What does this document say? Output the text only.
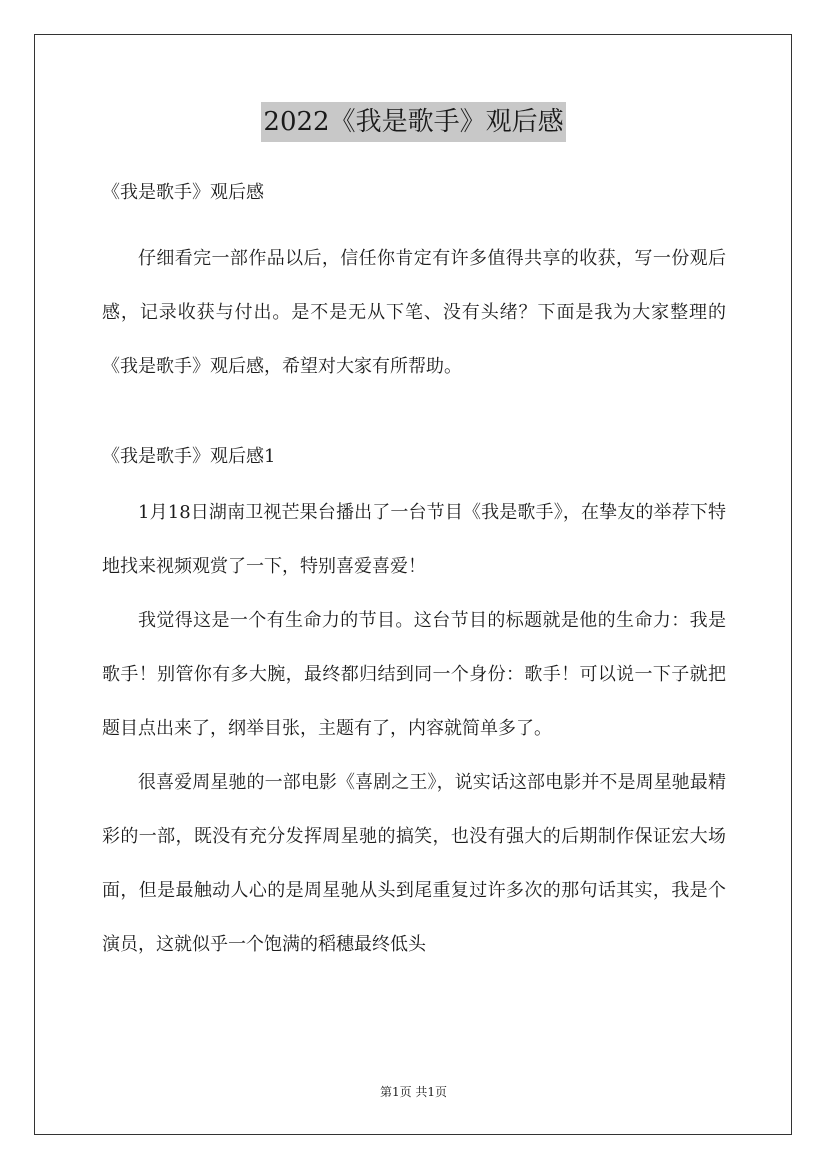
2022《我是歌手》观后感

《我是歌手》观后感

仔细看完一部作品以后，信任你肯定有许多值得共享的收获，写一份观后感，记录收获与付出。是不是无从下笔、没有头绪？下面是我为大家整理的《我是歌手》观后感，希望对大家有所帮助。

《我是歌手》观后感1

1月18日湖南卫视芒果台播出了一台节目《我是歌手》，在挚友的举荐下特地找来视频观赏了一下，特别喜爱喜爱！

我觉得这是一个有生命力的节目。这台节目的标题就是他的生命力：我是歌手！别管你有多大腕，最终都归结到同一个身份：歌手！可以说一下子就把题目点出来了，纲举目张，主题有了，内容就简单多了。

很喜爱周星驰的一部电影《喜剧之王》，说实话这部电影并不是周星驰最精彩的一部，既没有充分发挥周星驰的搞笑，也没有强大的后期制作保证宏大场面，但是最触动人心的是周星驰从头到尾重复过许多次的那句话其实，我是个演员，这就似乎一个饱满的稻穗最终低头

第1页 共1页
